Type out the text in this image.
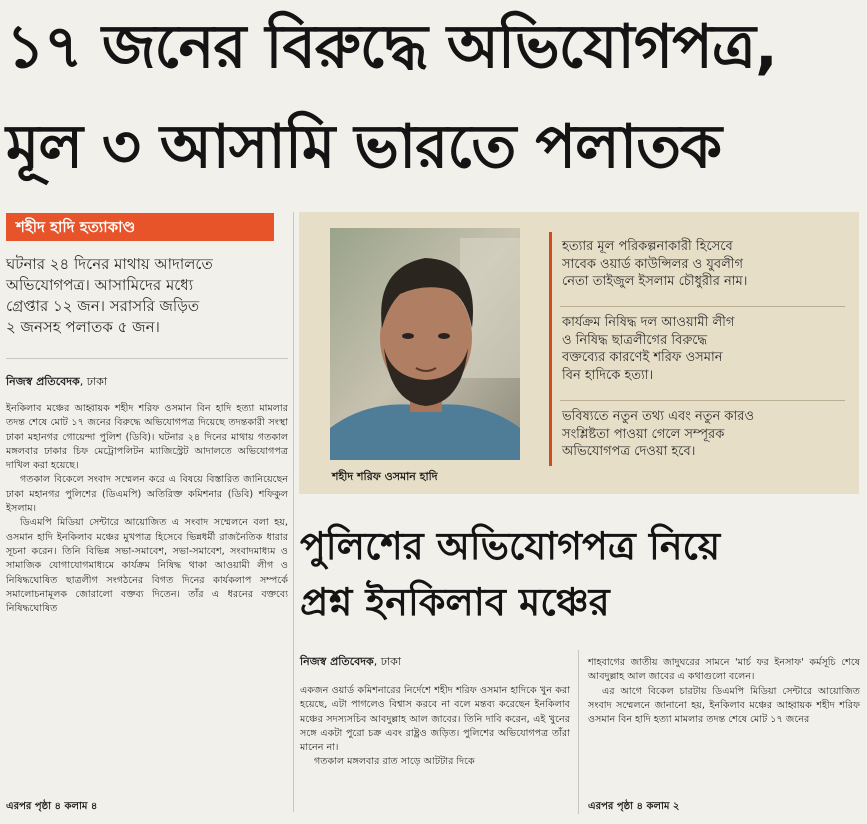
১৭ জনের বিরুদ্ধে অভিযোগপত্র,
মূল ৩ আসামি ভারতে পলাতক
শহীদ হাদি হত্যাকাণ্ড
ঘটনার ২৪ দিনের মাথায় আদালতে
অভিযোগপত্র। আসামিদের মধ্যে
গ্রেপ্তার ১২ জন। সরাসরি জড়িত
২ জনসহ পলাতক ৫ জন।
নিজস্ব প্রতিবেদক, ঢাকা

ইনকিলাব মঞ্চের আহ্বায়ক শহীদ শরিফ ওসমান বিন হাদি হত্যা মামলার তদন্ত শেষে মোট ১৭ জনের বিরুদ্ধে অভিযোগপত্র দিয়েছে তদন্তকারী সংস্থা ঢাকা মহানগর গোয়েন্দা পুলিশ (ডিবি)। ঘটনার ২৪ দিনের মাথায় গতকাল মঙ্গলবার ঢাকার চিফ মেট্রোপলিটন ম্যাজিস্ট্রেট আদালতে অভিযোগপত্র দাখিল করা হয়েছে।

গতকাল বিকেলে সংবাদ সম্মেলন করে এ বিষয়ে বিস্তারিত জানিয়েছেন ঢাকা মহানগর পুলিশের (ডিএমপি) অতিরিক্ত কমিশনার (ডিবি) শফিকুল ইসলাম।

ডিএমপি মিডিয়া সেন্টারে আয়োজিত এ সংবাদ সম্মেলনে বলা হয়, ওসমান হাদি ইনকিলাব মঞ্চের মুখপাত্র হিসেবে ভিন্নধর্মী রাজনৈতিক ধারার সূচনা করেন। তিনি বিভিন্ন সভা-সমাবেশ, সভা-সমাবেশ, সংবাদমাধ্যম ও সামাজিক যোগাযোগমাধ্যমে কার্যক্রম নিষিদ্ধ থাকা আওয়ামী লীগ ও নিষিদ্ধঘোষিত ছাত্রলীগ সংগঠনের বিগত দিনের কার্যকলাপ সম্পর্কে সমালোচনামূলক জোরালো বক্তব্য দিতেন। তাঁর এ ধরনের বক্তব্যে নিষিদ্ধঘোষিত

এরপর পৃষ্ঠা ৪ কলাম ৪
শহীদ শরিফ ওসমান হাদি
হত্যার মূল পরিকল্পনাকারী হিসেবে
সাবেক ওয়ার্ড কাউন্সিলর ও যুবলীগ
নেতা তাইজুল ইসলাম চৌধুরীর নাম।
কার্যক্রম নিষিদ্ধ দল আওয়ামী লীগ
ও নিষিদ্ধ ছাত্রলীগের বিরুদ্ধে
বক্তব্যের কারণেই শরিফ ওসমান
বিন হাদিকে হত্যা।
ভবিষ্যতে নতুন তথ্য এবং নতুন কারও
সংশ্লিষ্টতা পাওয়া গেলে সম্পূরক
অভিযোগপত্র দেওয়া হবে।
পুলিশের অভিযোগপত্র নিয়ে
প্রশ্ন ইনকিলাব মঞ্চের
নিজস্ব প্রতিবেদক, ঢাকা

একজন ওয়ার্ড কমিশনারের নির্দেশে শহীদ শরিফ ওসমান হাদিকে খুন করা হয়েছে, এটা পাগলেও বিশ্বাস করবে না বলে মন্তব্য করেছেন ইনকিলাব মঞ্চের সদস্যসচিব আবদুল্লাহ আল জাবের। তিনি দাবি করেন, এই খুনের সঙ্গে একটা পুরো চক্র এবং রাষ্ট্রও জড়িত। পুলিশের অভিযোগপত্র তাঁরা মানেন না।

গতকাল মঙ্গলবার রাত সাড়ে আটটার দিকে

শাহবাগের জাতীয় জাদুঘরের সামনে 'মার্চ ফর ইনসাফ' কর্মসূচি শেষে আবদুল্লাহ আল জাবের এ কথাগুলো বলেন।

এর আগে বিকেল চারটায় ডিএমপি মিডিয়া সেন্টারে আয়োজিত সংবাদ সম্মেলনে জানানো হয়, ইনকিলাব মঞ্চের আহ্বায়ক শহীদ শরিফ ওসমান বিন হাদি হত্যা মামলার তদন্ত শেষে মোট ১৭ জনের

এরপর পৃষ্ঠা ৪ কলাম ২
